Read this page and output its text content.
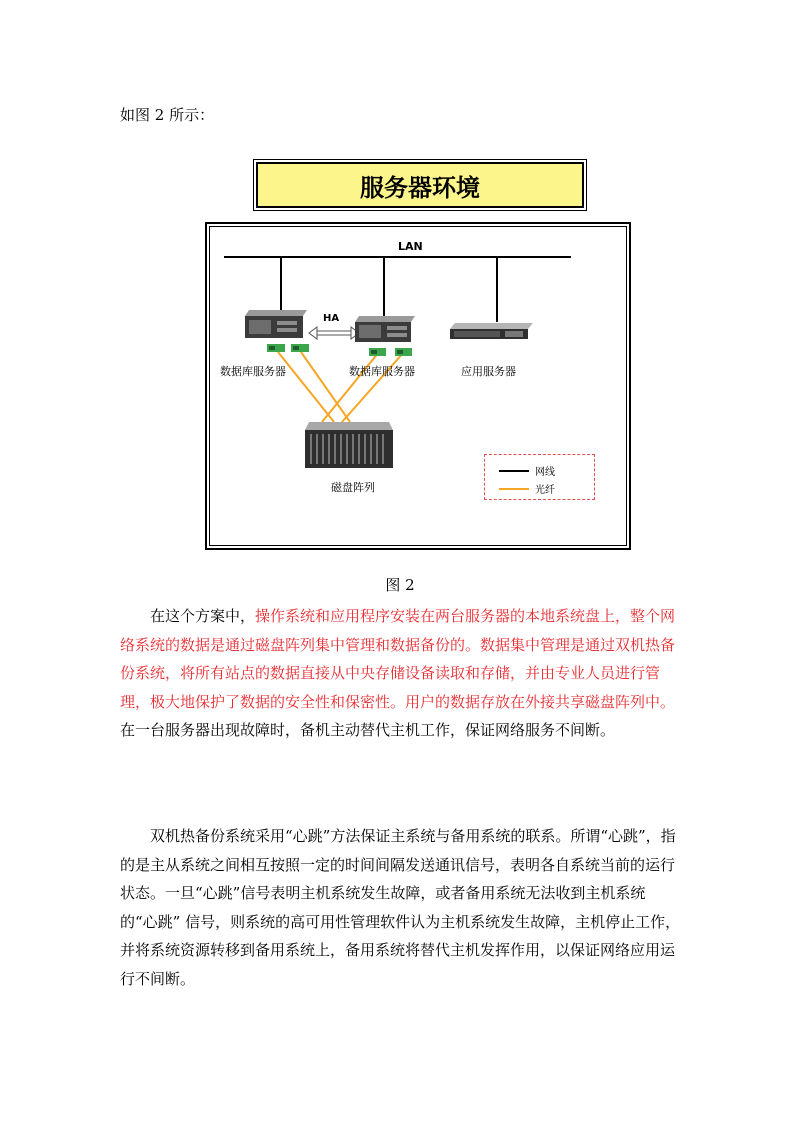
如图 2 所示：
服务器环境
LAN
HA
数据库服务器	数据库服务器	应用服务器
磁盘阵列
网线
光纤
图 2

在这个方案中，操作系统和应用程序安装在两台服务器的本地系统盘上，整个网络系统的数据是通过磁盘阵列集中管理和数据备份的。数据集中管理是通过双机热备份系统，将所有站点的数据直接从中央存储设备读取和存储，并由专业人员进行管理，极大地保护了数据的安全性和保密性。用户的数据存放在外接共享磁盘阵列中。在一台服务器出现故障时，备机主动替代主机工作，保证网络服务不间断。

双机热备份系统采用“心跳”方法保证主系统与备用系统的联系。所谓“心跳”，指的是主从系统之间相互按照一定的时间间隔发送通讯信号，表明各自系统当前的运行状态。一旦“心跳”信号表明主机系统发生故障，或者备用系统无法收到主机系统的“心跳” 信号，则系统的高可用性管理软件认为主机系统发生故障，主机停止工作，并将系统资源转移到备用系统上，备用系统将替代主机发挥作用，以保证网络应用运行不间断。
